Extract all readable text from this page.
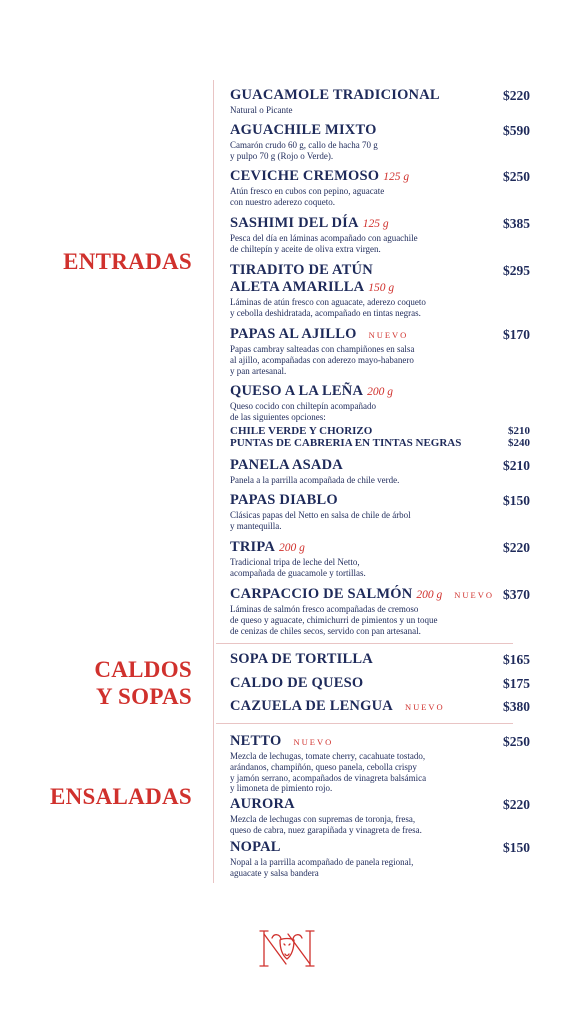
ENTRADAS
CALDOS
Y SOPAS
ENSALADAS
GUACAMOLE TRADICIONAL	$220
Natural o Picante
AGUACHILE MIXTO	$590
Camarón crudo 60 g, callo de hacha 70 g
y pulpo 70 g (Rojo o Verde).
CEVICHE CREMOSO 125 g	$250
Atún fresco en cubos con pepino, aguacate
con nuestro aderezo coqueto.
SASHIMI DEL DÍA 125 g	$385
Pesca del día en láminas acompañado con aguachile
de chiltepín y aceite de oliva extra virgen.
TIRADITO DE ATÚN
ALETA AMARILLA 150 g
$295
Láminas de atún fresco con aguacate, aderezo coqueto
y cebolla deshidratada, acompañado en tintas negras.
PAPAS AL AJILLO NUEVO	$170
Papas cambray salteadas con champiñones en salsa
al ajillo, acompañadas con aderezo mayo-habanero
y pan artesanal.
QUESO A LA LEÑA 200 g
Queso cocido con chiltepín acompañado
de las siguientes opciones:
CHILE VERDE Y CHORIZO	$210
PUNTAS DE CABRERIA EN TINTAS NEGRAS	$240
PANELA ASADA	$210
Panela a la parrilla acompañada de chile verde.
PAPAS DIABLO	$150
Clásicas papas del Netto en salsa de chile de árbol
y mantequilla.
TRIPA 200 g	$220
Tradicional tripa de leche del Netto,
acompañada de guacamole y tortillas.
CARPACCIO DE SALMÓN 200 g NUEVO $370
Láminas de salmón fresco acompañadas de cremoso
de queso y aguacate, chimichurri de pimientos y un toque
de cenizas de chiles secos, servido con pan artesanal.
SOPA DE TORTILLA	$165
CALDO DE QUESO	$175
CAZUELA DE LENGUA NUEVO	$380
NETTO NUEVO	$250
Mezcla de lechugas, tomate cherry, cacahuate tostado,
arándanos, champiñón, queso panela, cebolla crispy
y jamón serrano, acompañados de vinagreta balsámica
y limoneta de pimiento rojo.
AURORA	$220
Mezcla de lechugas con supremas de toronja, fresa,
queso de cabra, nuez garapiñada y vinagreta de fresa.
NOPAL	$150
Nopal a la parrilla acompañado de panela regional,
aguacate y salsa bandera
